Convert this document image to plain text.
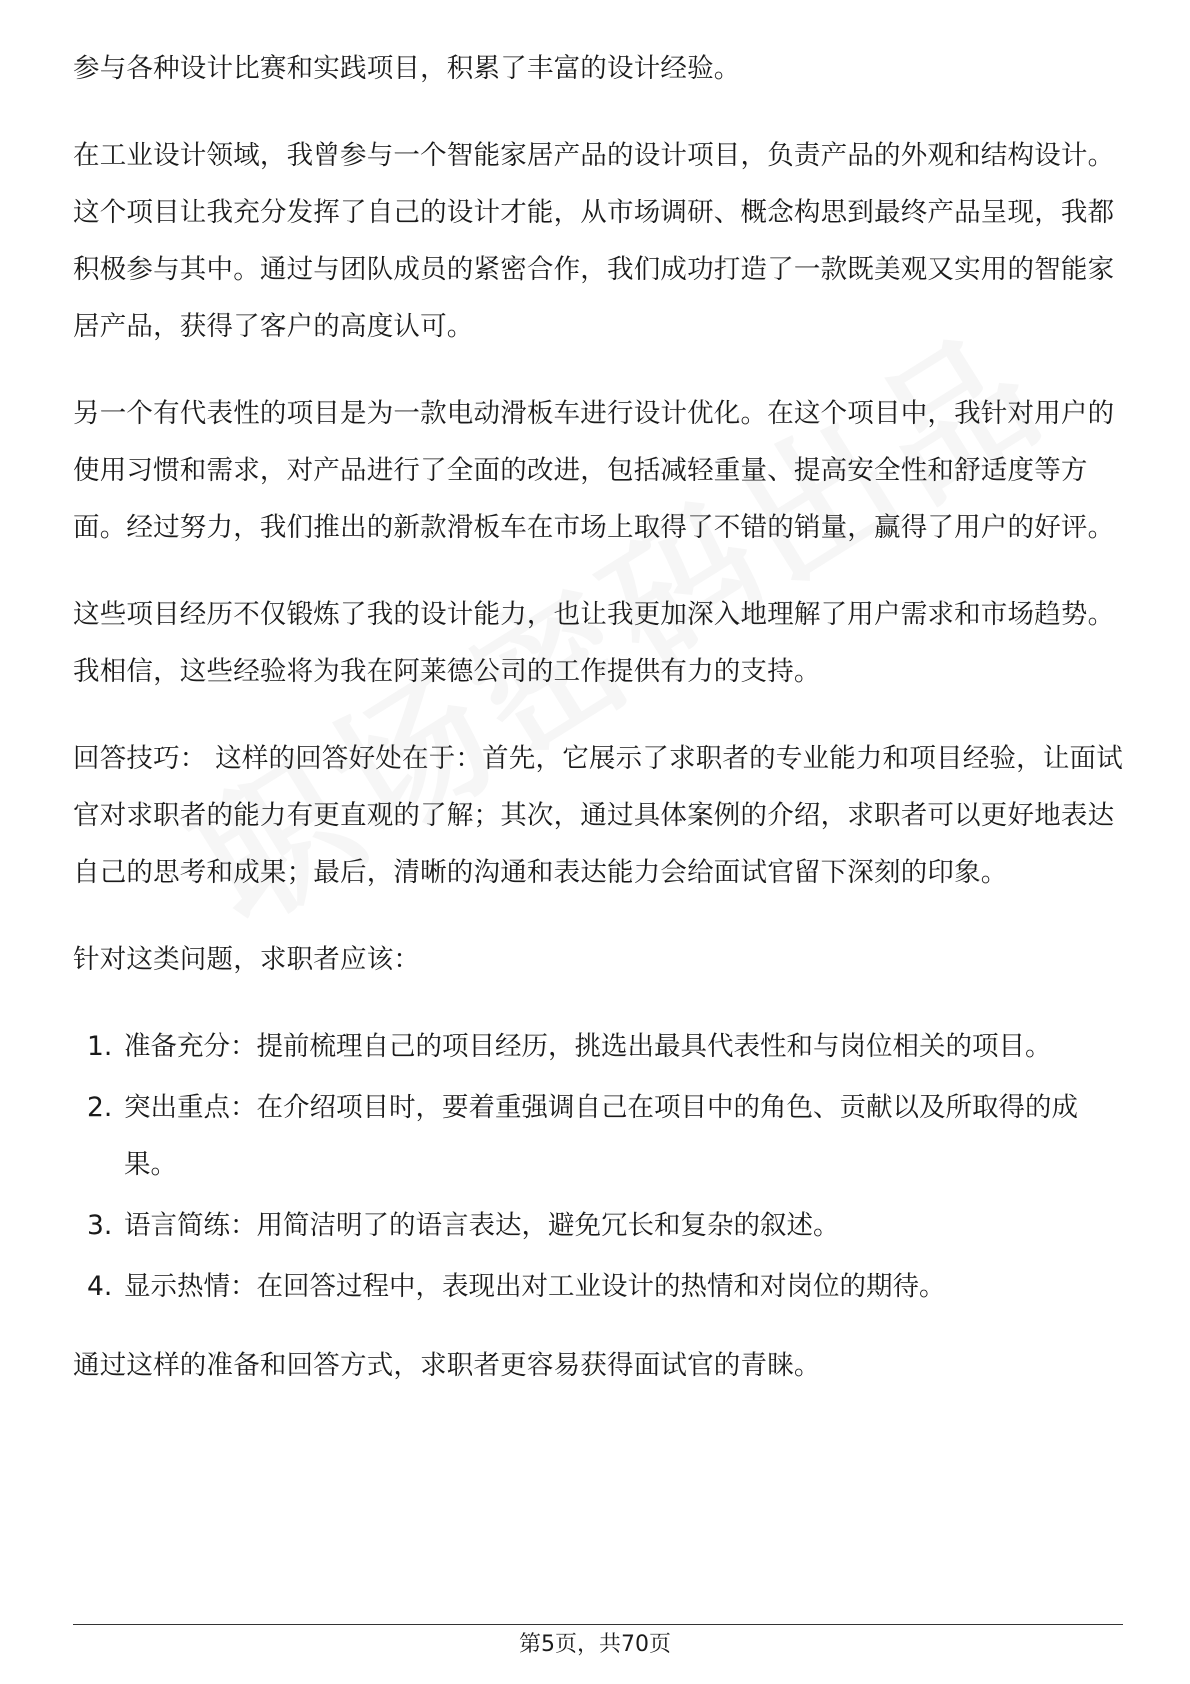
参与各种设计比赛和实践项目，积累了丰富的设计经验。

在工业设计领域，我曾参与一个智能家居产品的设计项目，负责产品的外观和结构设计。这个项目让我充分发挥了自己的设计才能，从市场调研、概念构思到最终产品呈现，我都积极参与其中。通过与团队成员的紧密合作，我们成功打造了一款既美观又实用的智能家居产品，获得了客户的高度认可。

另一个有代表性的项目是为一款电动滑板车进行设计优化。在这个项目中，我针对用户的使用习惯和需求，对产品进行了全面的改进，包括减轻重量、提高安全性和舒适度等方面。经过努力，我们推出的新款滑板车在市场上取得了不错的销量，赢得了用户的好评。

这些项目经历不仅锻炼了我的设计能力，也让我更加深入地理解了用户需求和市场趋势。我相信，这些经验将为我在阿莱德公司的工作提供有力的支持。

回答技巧： 这样的回答好处在于：首先，它展示了求职者的专业能力和项目经验，让面试官对求职者的能力有更直观的了解；其次，通过具体案例的介绍，求职者可以更好地表达自己的思考和成果；最后，清晰的沟通和表达能力会给面试官留下深刻的印象。

针对这类问题，求职者应该：

1. 准备充分：提前梳理自己的项目经历，挑选出最具代表性和与岗位相关的项目。
2. 突出重点：在介绍项目时，要着重强调自己在项目中的角色、贡献以及所取得的成果。
3. 语言简练：用简洁明了的语言表达，避免冗长和复杂的叙述。
4. 显示热情：在回答过程中，表现出对工业设计的热情和对岗位的期待。

通过这样的准备和回答方式，求职者更容易获得面试官的青睐。

第5页，共70页
